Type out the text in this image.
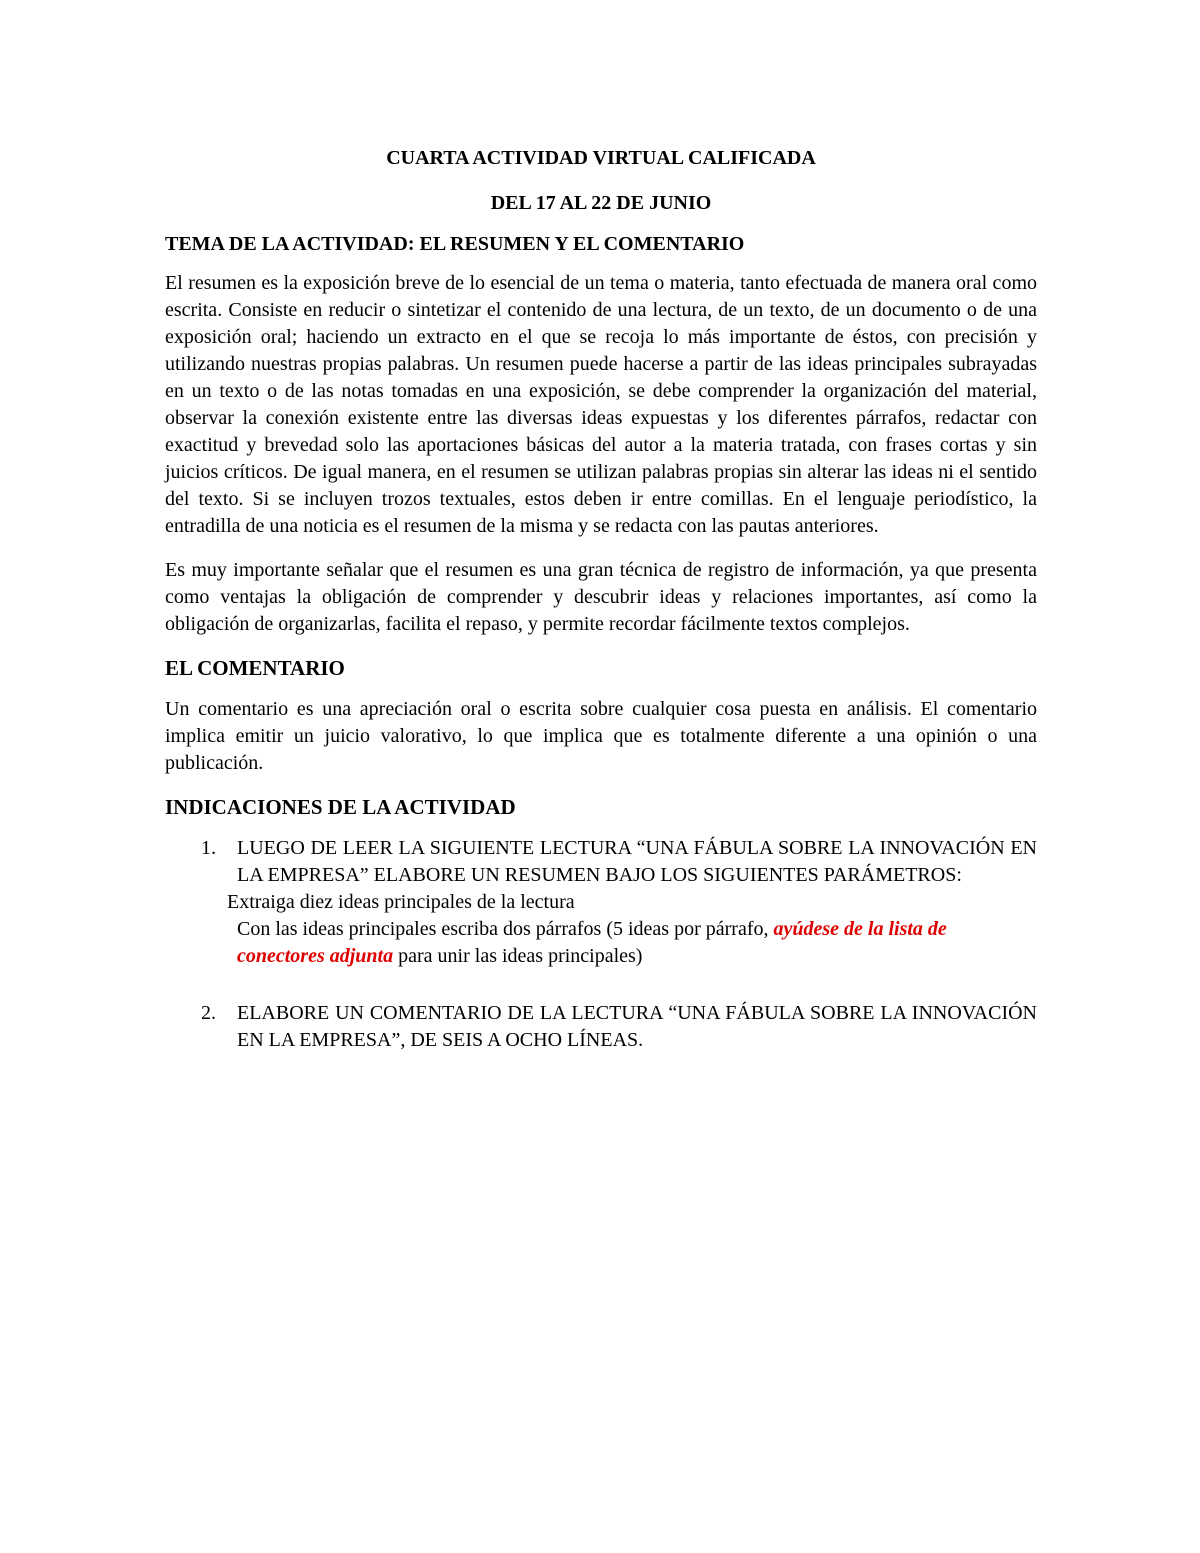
CUARTA ACTIVIDAD VIRTUAL CALIFICADA

DEL 17 AL 22 DE JUNIO

TEMA DE LA ACTIVIDAD: EL RESUMEN Y EL COMENTARIO

El resumen es la exposición breve de lo esencial de un tema o materia, tanto efectuada de manera oral como escrita. Consiste en reducir o sintetizar el contenido de una lectura, de un texto, de un documento o de una exposición oral; haciendo un extracto en el que se recoja lo más importante de éstos, con precisión y utilizando nuestras propias palabras. Un resumen puede hacerse a partir de las ideas principales subrayadas en un texto o de las notas tomadas en una exposición, se debe comprender la organización del material, observar la conexión existente entre las diversas ideas expuestas y los diferentes párrafos, redactar con exactitud y brevedad solo las aportaciones básicas del autor a la materia tratada, con frases cortas y sin juicios críticos. De igual manera, en el resumen se utilizan palabras propias sin alterar las ideas ni el sentido del texto. Si se incluyen trozos textuales, estos deben ir entre comillas. En el lenguaje periodístico, la entradilla de una noticia es el resumen de la misma y se redacta con las pautas anteriores.

Es muy importante señalar que el resumen es una gran técnica de registro de información, ya que presenta como ventajas la obligación de comprender y descubrir ideas y relaciones importantes, así como la obligación de organizarlas, facilita el repaso, y permite recordar fácilmente textos complejos.

EL COMENTARIO

Un comentario es una apreciación oral o escrita sobre cualquier cosa puesta en análisis. El comentario implica emitir un juicio valorativo, lo que implica que es totalmente diferente a una opinión o una publicación.

INDICACIONES DE LA ACTIVIDAD

1. LUEGO DE LEER LA SIGUIENTE LECTURA “UNA FÁBULA SOBRE LA INNOVACIÓN EN LA EMPRESA” ELABORE UN RESUMEN BAJO LOS SIGUIENTES PARÁMETROS:
Extraiga diez ideas principales de la lectura
Con las ideas principales escriba dos párrafos (5 ideas por párrafo, ayúdese de la lista de conectores adjunta para unir las ideas principales)
2. ELABORE UN COMENTARIO DE LA LECTURA “UNA FÁBULA SOBRE LA INNOVACIÓN EN LA EMPRESA”, DE SEIS A OCHO LÍNEAS.
